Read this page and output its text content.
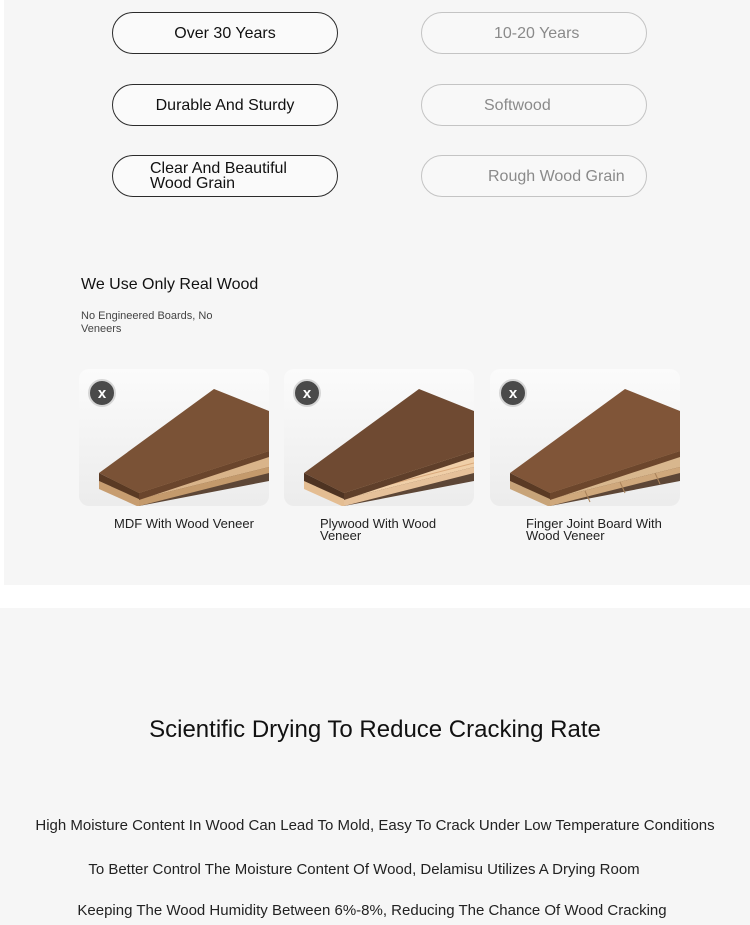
Over 30 Years
Durable And Sturdy
Clear And Beautiful Wood Grain
10-20 Years
Softwood
Rough Wood Grain
We Use Only Real Wood
No Engineered Boards, No Veneers
x
MDF With Wood Veneer
x
Plywood With Wood Veneer
x
Finger Joint Board With Wood Veneer
Scientific Drying To Reduce Cracking Rate
High Moisture Content In Wood Can Lead To Mold, Easy To Crack Under Low Temperature Conditions
To Better Control The Moisture Content Of Wood, Delamisu Utilizes A Drying Room
Keeping The Wood Humidity Between 6%-8%, Reducing The Chance Of Wood Cracking
